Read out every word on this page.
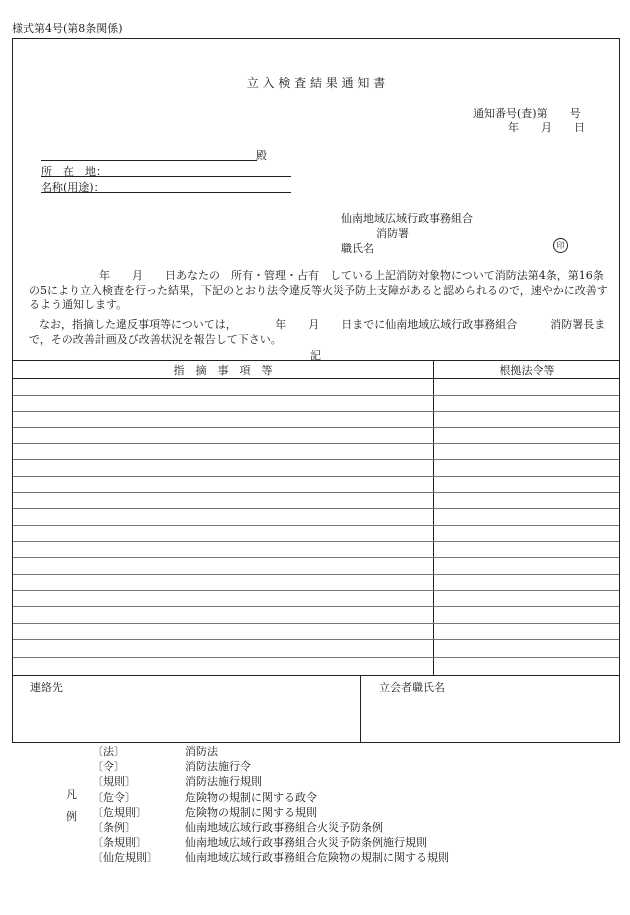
様式第4号(第8条関係)
立 入 検 査 結 果 通 知 書
通知番号(査)第　　号
年　　月　　日
殿
所　在　地：
名称(用途)：
仙南地域広域行政事務組合
消防署
職氏名
年　　月　　日あなたの　所有・管理・占有　している上記消防対象物について消防法第4条，第16条の5により立入検査を行った結果，下記のとおり法令違反等火災予防上支障があると認められるので，速やかに改善するよう通知します。
なお，指摘した違反事項等については，　　　　年　　月　　日までに仙南地域広域行政事務組合　　　消防署長まで，その改善計画及び改善状況を報告して下さい。
記
指　摘　事　項　等	根拠法令等
連絡先	立会者職氏名
印
凡
例
〔法〕	消防法
〔令〕	消防法施行令
〔規則〕	消防法施行規則
〔危令〕	危険物の規制に関する政令
〔危規則〕	危険物の規制に関する規則
〔条例〕	仙南地域広域行政事務組合火災予防条例
〔条規則〕	仙南地域広域行政事務組合火災予防条例施行規則
〔仙危規則〕 仙南地域広域行政事務組合危険物の規制に関する規則
